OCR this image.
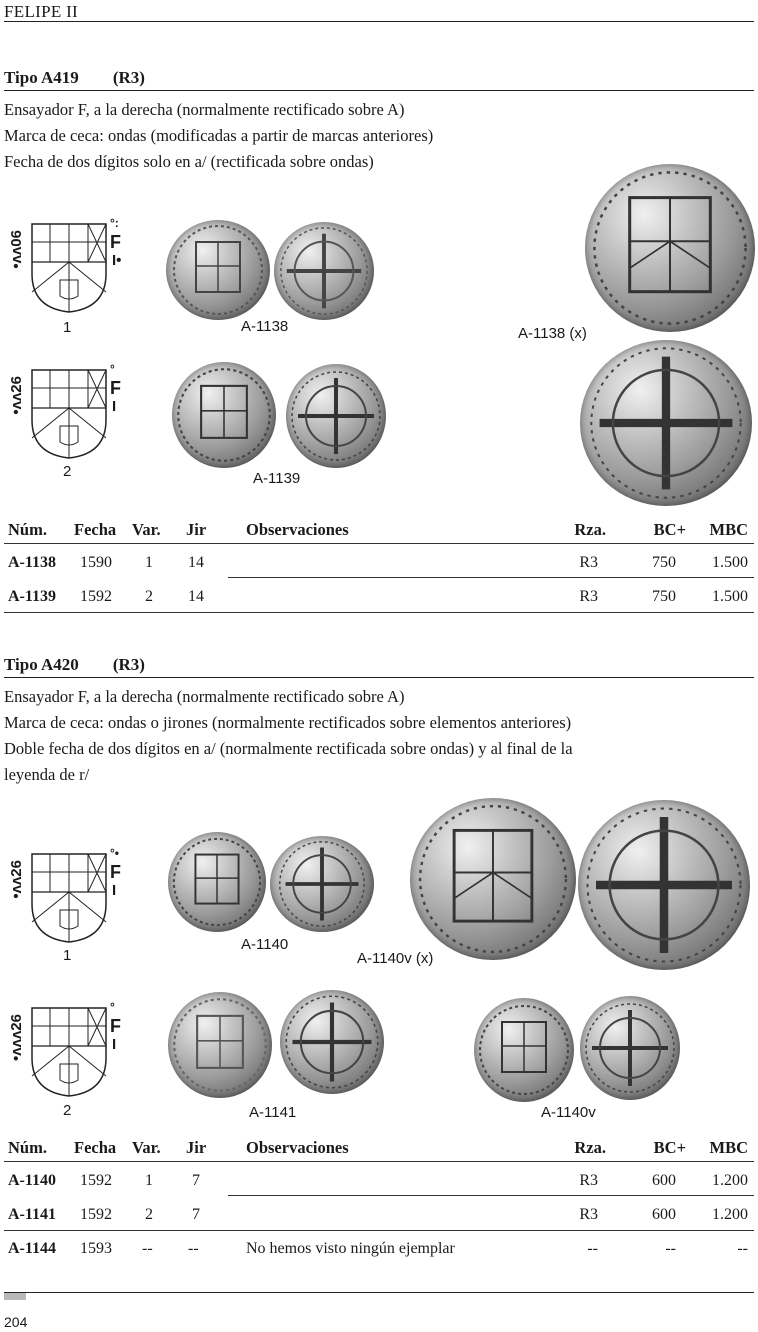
FELIPE II
Tipo A419 (R3)
Ensayador F, a la derecha (normalmente rectificado sobre A)
Marca de ceca: ondas (modificadas a partir de marcas anteriores)
Fecha de dos dígitos solo en a/ (rectificada sobre ondas)
•ʌʌ06
°:
F
I•
1
•ʌʌ26
°
F
I
2
A-1138
A-1139
A-1138 (x)
Núm. Fecha Var. Jir Observaciones	Rza.	BC+	MBC
A-1138 1590 1 14	R3	750	1.500
A-1139 1592 2 14	R3	750	1.500
Tipo A420 (R3)
Ensayador F, a la derecha (normalmente rectificado sobre A)
Marca de ceca: ondas o jirones (normalmente rectificados sobre elementos anteriores)
Doble fecha de dos dígitos en a/ (normalmente rectificada sobre ondas) y al final de la
leyenda de r/
•ʌʌ26
°•
F
I
1
•ʌʌʌ26
°
F
I
2
A-1140
A-1140v (x)
A-1141	A-1140v
Núm. Fecha Var. Jir Observaciones	Rza.	BC+	MBC
A-1140 1592 1 7	R3	600	1.200
A-1141 1592 2 7	R3	600	1.200
A-1144 1593 -- --	No hemos visto ningún ejemplar	--	--	--
204
